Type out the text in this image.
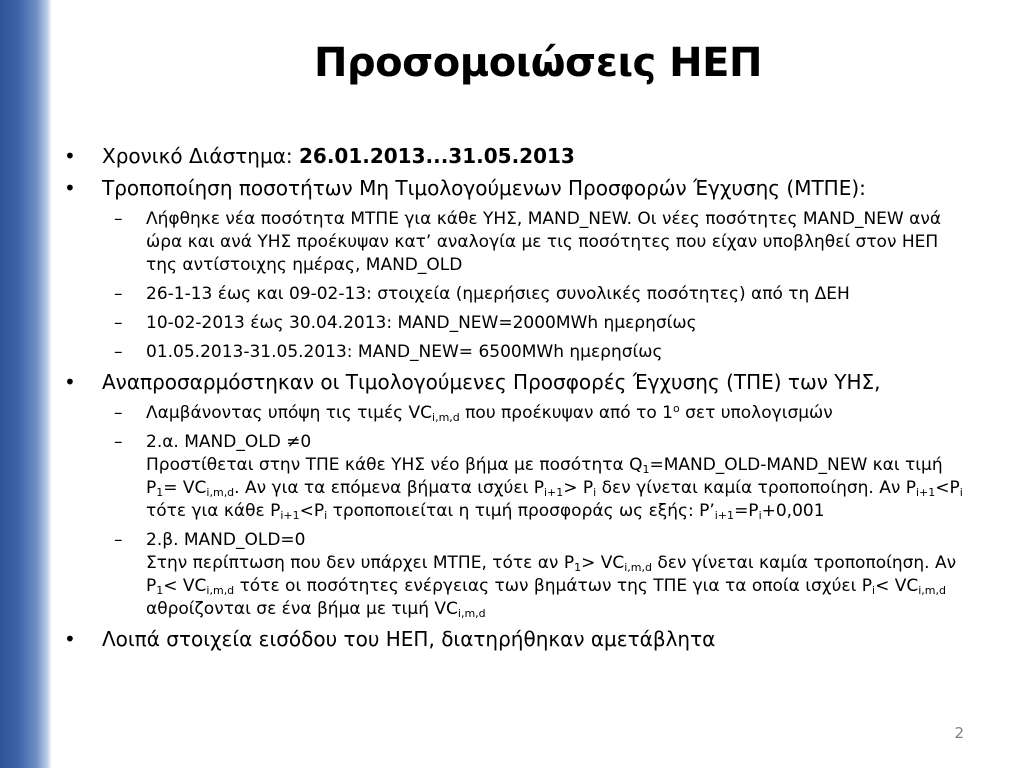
Προσομοιώσεις ΗΕΠ
• Χρονικό Διάστημα: 26.01.2013...31.05.2013
• Τροποποίηση ποσοτήτων Μη Τιμολογούμενων Προσφορών Έγχυσης (ΜΤΠΕ):
– Λήφθηκε νέα ποσότητα ΜΤΠΕ για κάθε ΥΗΣ, MAND_NEW. Οι νέες ποσότητες MAND_NEW ανά ώρα και ανά ΥΗΣ προέκυψαν κατ’ αναλογία με τις ποσότητες που είχαν υποβληθεί στον ΗΕΠ της αντίστοιχης ημέρας, MAND_OLD
– 26-1-13 έως και 09-02-13: στοιχεία (ημερήσιες συνολικές ποσότητες) από τη ΔΕΗ
– 10-02-2013 έως 30.04.2013: MAND_NEW=2000MWh ημερησίως
– 01.05.2013-31.05.2013: MAND_NEW= 6500MWh ημερησίως
• Αναπροσαρμόστηκαν οι Τιμολογούμενες Προσφορές Έγχυσης (ΤΠΕ) των ΥΗΣ,
– Λαμβάνοντας υπόψη τις τιμές $VC_{i,m,d}$ που προέκυψαν από το $1^o$ σετ υπολογισμών
– 2.α. MAND_OLD ≠0
Προστίθεται στην ΤΠΕ κάθε ΥΗΣ νέο βήμα με ποσότητα $Q_1=MAND\_OLD-MAND\_NEW$ και τιμή $P_1= VC_{i,m,d}$. Αν για τα επόμενα βήματα ισχύει $P_{i+1}> P_i$ δεν γίνεται καμία τροποποίηση. Αν $P_{i+1}<P_i$ τότε για κάθε $P_{i+1}<P_i$ τροποποιείται η τιμή προσφοράς ως εξής: $P’_{i+1}=P_i+0,001$
– 2.β. MAND_OLD=0
Στην περίπτωση που δεν υπάρχει ΜΤΠΕ, τότε αν $P_1> VC_{i,m,d}$ δεν γίνεται καμία τροποποίηση. Αν $P_1< VC_{i,m,d}$ τότε οι ποσότητες ενέργειας των βημάτων της ΤΠΕ για τα οποία ισχύει $P_i< VC_{i,m,d}$ αθροίζονται σε ένα βήμα με τιμή $VC_{i,m,d}$
• Λοιπά στοιχεία εισόδου του ΗΕΠ, διατηρήθηκαν αμετάβλητα
2
